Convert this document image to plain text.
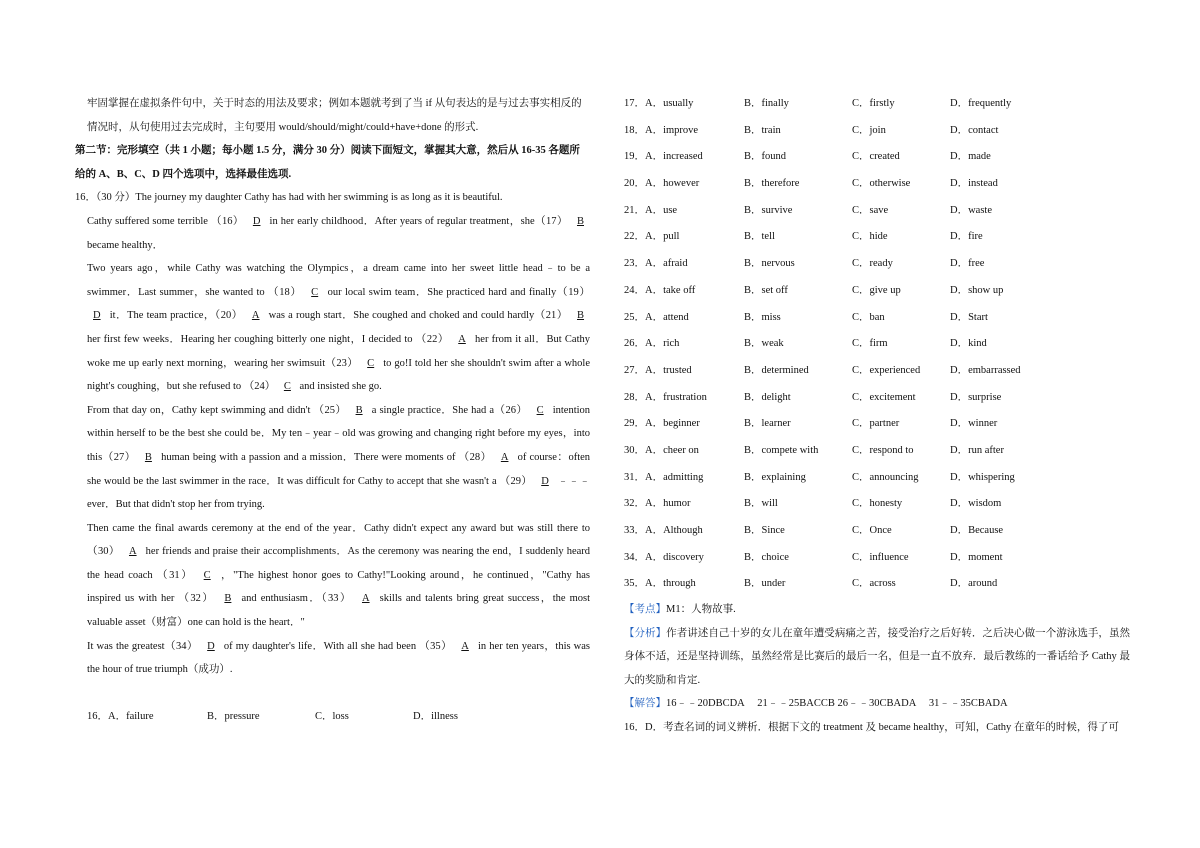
牢固掌握在虚拟条件句中，关于时态的用法及要求；例如本题就考到了当 if 从句表达的是与过去事实相反的
情况时，从句使用过去完成时，主句要用 would/should/might/could+have+done 的形式.
第二节：完形填空（共 1 小题；每小题 1.5 分，满分 30 分）阅读下面短文，掌握其大意，然后从 16-35 各题所
给的 A、B、C、D 四个选项中，选择最佳选项.
16．（30 分）The journey my daughter Cathy has had with her swimming is as long as it is beautiful.
Cathy suffered some terrible （16） D in her early childhood．After years of regular treatment，she（17） B became healthy．
Two years ago，while Cathy was watching the Olympics，a dream came into her sweet little head﹣to be a swimmer．Last summer，she wanted to （18） C our local swim team．She practiced hard and finally（19） D it．The team practice，（20） A was a rough start．She coughed and choked and could hardly（21） B her first few weeks．Hearing her coughing bitterly one night，I decided to （22） A her from it all．But Cathy woke me up early next morning，wearing her swimsuit（23） C to go!I told her she shouldn't swim after a whole night's coughing，but she refused to （24） C and insisted she go.
From that day on，Cathy kept swimming and didn't （25） B a single practice．She had a（26） C intention within herself to be the best she could be．My ten﹣year﹣old was growing and changing right before my eyes，into this（27） B human being with a passion and a mission．There were moments of （28） A of course：often she would be the last swimmer in the race．It was difficult for Cathy to accept that she wasn't a （29） D ﹣﹣﹣ever．But that didn't stop her from trying.
Then came the final awards ceremony at the end of the year．Cathy didn't expect any award but was still there to （30） A her friends and praise their accomplishments．As the ceremony was nearing the end，I suddenly heard the head coach （31） C ，"The highest honor goes to Cathy!"Looking around，he continued，"Cathy has inspired us with her （32） B and enthusiasm．（33） A skills and talents bring great success，the most valuable asset（财富）one can hold is the heart．"
It was the greatest（34） D of my daughter's life．With all she had been （35） A in her ten years，this was the hour of true triumph（成功）.
16．A．failure	B．pressure	C．loss	D．illness
17．A．usually	B．finally	C．firstly	D．frequently
18．A．improve	B．train	C．join	D．contact
19．A．increased	B．found	C．created	D．made
20．A．however	B．therefore	C．otherwise	D．instead
21．A．use	B．survive	C．save	D．waste
22．A．pull	B．tell	C．hide	D．fire
23．A．afraid	B．nervous	C．ready	D．free
24．A．take off	B．set off	C．give up	D．show up
25．A．attend	B．miss	C．ban	D．Start
26．A．rich	B．weak	C．firm	D．kind
27．A．trusted	B．determined	C．experienced	D．embarrassed
28．A．frustration	B．delight	C．excitement	D．surprise
29．A．beginner	B．learner	C．partner	D．winner
30．A．cheer on	B．compete with	C．respond to	D．run after
31．A．admitting	B．explaining	C．announcing	D．whispering
32．A．humor	B．will	C．honesty	D．wisdom
33．A．Although	B．Since	C．Once	D．Because
34．A．discovery	B．choice	C．influence	D．moment
35．A．through	B．under	C．across	D．around
【考点】M1：人物故事.
【分析】作者讲述自己十岁的女儿在童年遭受病痛之苦，接受治疗之后好转．之后决心做一个游泳选手，虽然身体不适，还是坚持训练，虽然经常是比赛后的最后一名，但是一直不放弃．最后教练的一番话给予 Cathy 最大的奖励和肯定.
【解答】16﹣﹣20DBCDA　 21﹣﹣25BACCB 26﹣﹣30CBADA　 31﹣﹣35CBADA
16．D．考查名词的词义辨析．根据下文的 treatment 及 became healthy，可知，Cathy 在童年的时候，得了可
